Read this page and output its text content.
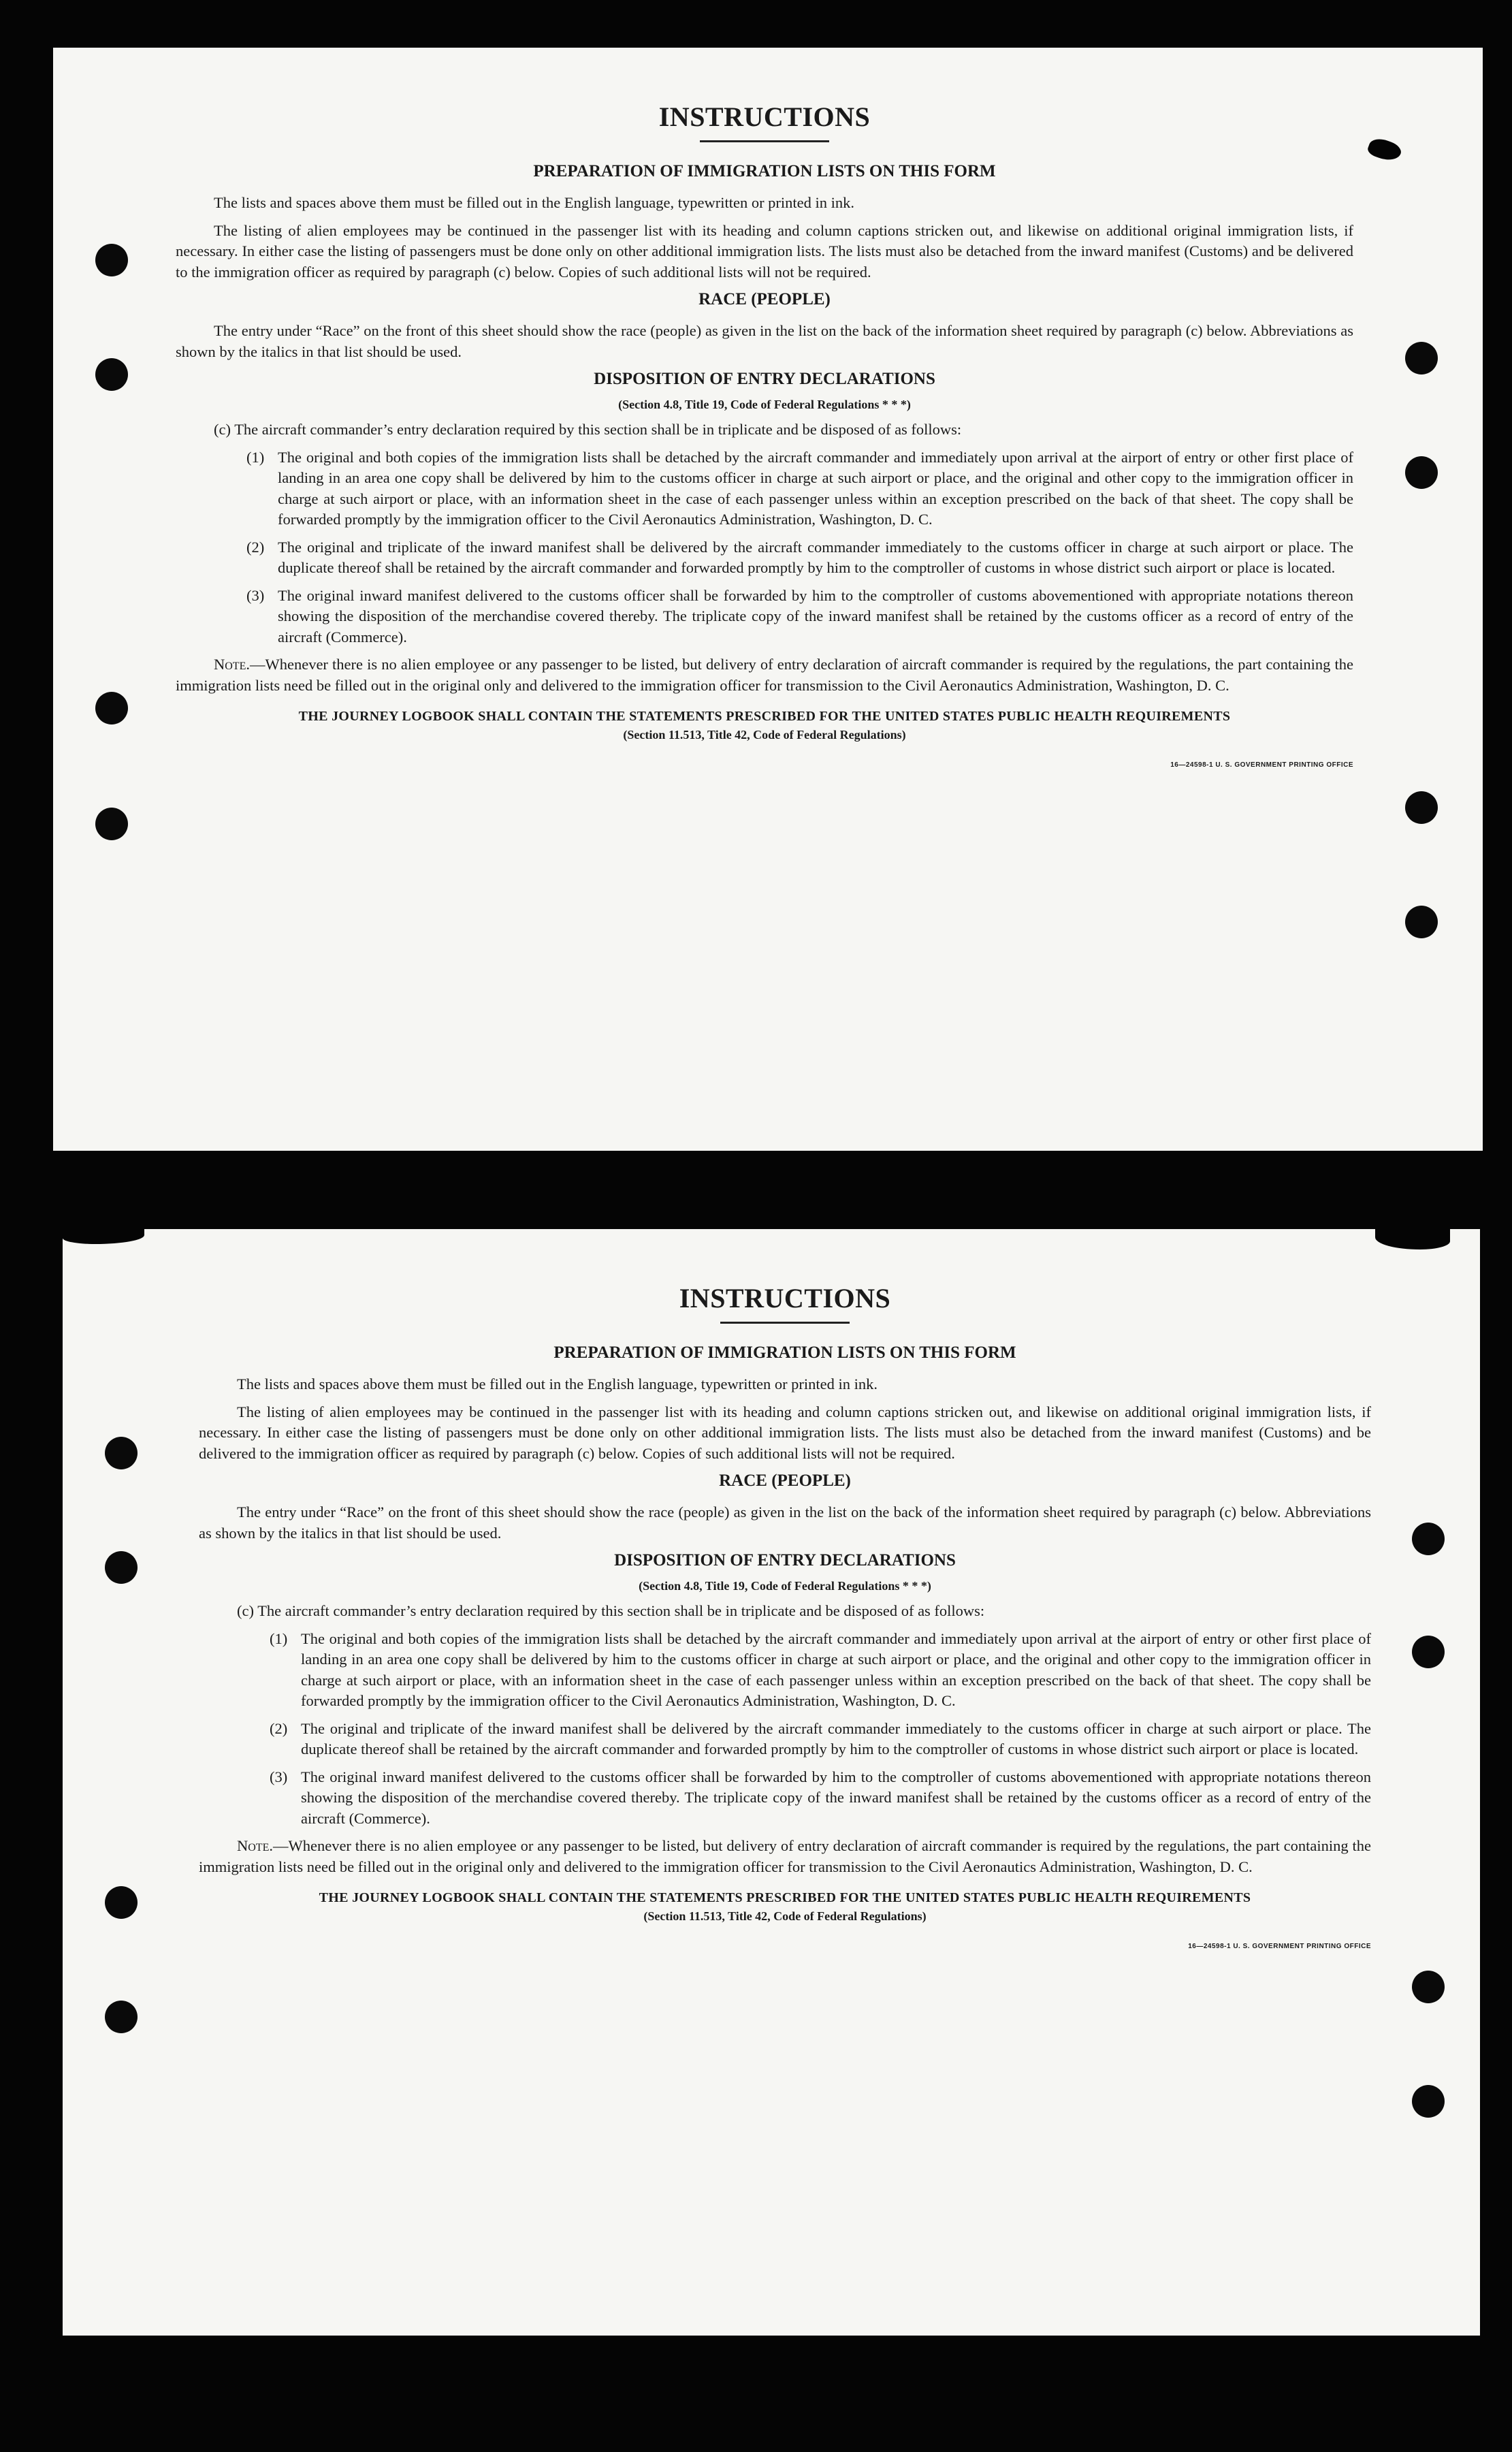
INSTRUCTIONS
PREPARATION OF IMMIGRATION LISTS ON THIS FORM

The lists and spaces above them must be filled out in the English language, typewritten or printed in ink.

The listing of alien employees may be continued in the passenger list with its heading and column captions stricken out, and likewise on additional original immigration lists, if necessary. In either case the listing of passengers must be done only on other additional immigration lists. The lists must also be detached from the inward manifest (Customs) and be delivered to the immigration officer as required by paragraph (c) below. Copies of such additional lists will not be required.

RACE (PEOPLE)

The entry under “Race” on the front of this sheet should show the race (people) as given in the list on the back of the information sheet required by paragraph (c) below. Abbreviations as shown by the italics in that list should be used.

DISPOSITION OF ENTRY DECLARATIONS
(Section 4.8, Title 19, Code of Federal Regulations * * *)

(c) The aircraft commander’s entry declaration required by this section shall be in triplicate and be disposed of as follows:

(1) The original and both copies of the immigration lists shall be detached by the aircraft commander and immediately upon arrival at the airport of entry or other first place of landing in an area one copy shall be delivered by him to the customs officer in charge at such airport or place, and the original and other copy to the immigration officer in charge at such airport or place, with an information sheet in the case of each passenger unless within an exception prescribed on the back of that sheet. The copy shall be forwarded promptly by the immigration officer to the Civil Aeronautics Administration, Washington, D. C.

(2) The original and triplicate of the inward manifest shall be delivered by the aircraft commander immediately to the customs officer in charge at such airport or place. The duplicate thereof shall be retained by the aircraft commander and forwarded promptly by him to the comptroller of customs in whose district such airport or place is located.

(3) The original inward manifest delivered to the customs officer shall be forwarded by him to the comptroller of customs abovementioned with appropriate notations thereon showing the disposition of the merchandise covered thereby. The triplicate copy of the inward manifest shall be retained by the customs officer as a record of entry of the aircraft (Commerce).

Note.—Whenever there is no alien employee or any passenger to be listed, but delivery of entry declaration of aircraft commander is required by the regulations, the part containing the immigration lists need be filled out in the original only and delivered to the immigration officer for transmission to the Civil Aeronautics Administration, Washington, D. C.

THE JOURNEY LOGBOOK SHALL CONTAIN THE STATEMENTS PRESCRIBED FOR THE UNITED STATES PUBLIC HEALTH REQUIREMENTS
(Section 11.513, Title 42, Code of Federal Regulations)
16—24598-1 U. S. GOVERNMENT PRINTING OFFICE
INSTRUCTIONS
PREPARATION OF IMMIGRATION LISTS ON THIS FORM

The lists and spaces above them must be filled out in the English language, typewritten or printed in ink.

The listing of alien employees may be continued in the passenger list with its heading and column captions stricken out, and likewise on additional original immigration lists, if necessary. In either case the listing of passengers must be done only on other additional immigration lists. The lists must also be detached from the inward manifest (Customs) and be delivered to the immigration officer as required by paragraph (c) below. Copies of such additional lists will not be required.

RACE (PEOPLE)

The entry under “Race” on the front of this sheet should show the race (people) as given in the list on the back of the information sheet required by paragraph (c) below. Abbreviations as shown by the italics in that list should be used.

DISPOSITION OF ENTRY DECLARATIONS
(Section 4.8, Title 19, Code of Federal Regulations * * *)

(c) The aircraft commander’s entry declaration required by this section shall be in triplicate and be disposed of as follows:

(1) The original and both copies of the immigration lists shall be detached by the aircraft commander and immediately upon arrival at the airport of entry or other first place of landing in an area one copy shall be delivered by him to the customs officer in charge at such airport or place, and the original and other copy to the immigration officer in charge at such airport or place, with an information sheet in the case of each passenger unless within an exception prescribed on the back of that sheet. The copy shall be forwarded promptly by the immigration officer to the Civil Aeronautics Administration, Washington, D. C.

(2) The original and triplicate of the inward manifest shall be delivered by the aircraft commander immediately to the customs officer in charge at such airport or place. The duplicate thereof shall be retained by the aircraft commander and forwarded promptly by him to the comptroller of customs in whose district such airport or place is located.

(3) The original inward manifest delivered to the customs officer shall be forwarded by him to the comptroller of customs abovementioned with appropriate notations thereon showing the disposition of the merchandise covered thereby. The triplicate copy of the inward manifest shall be retained by the customs officer as a record of entry of the aircraft (Commerce).

Note.—Whenever there is no alien employee or any passenger to be listed, but delivery of entry declaration of aircraft commander is required by the regulations, the part containing the immigration lists need be filled out in the original only and delivered to the immigration officer for transmission to the Civil Aeronautics Administration, Washington, D. C.

THE JOURNEY LOGBOOK SHALL CONTAIN THE STATEMENTS PRESCRIBED FOR THE UNITED STATES PUBLIC HEALTH REQUIREMENTS
(Section 11.513, Title 42, Code of Federal Regulations)
16—24598-1 U. S. GOVERNMENT PRINTING OFFICE
